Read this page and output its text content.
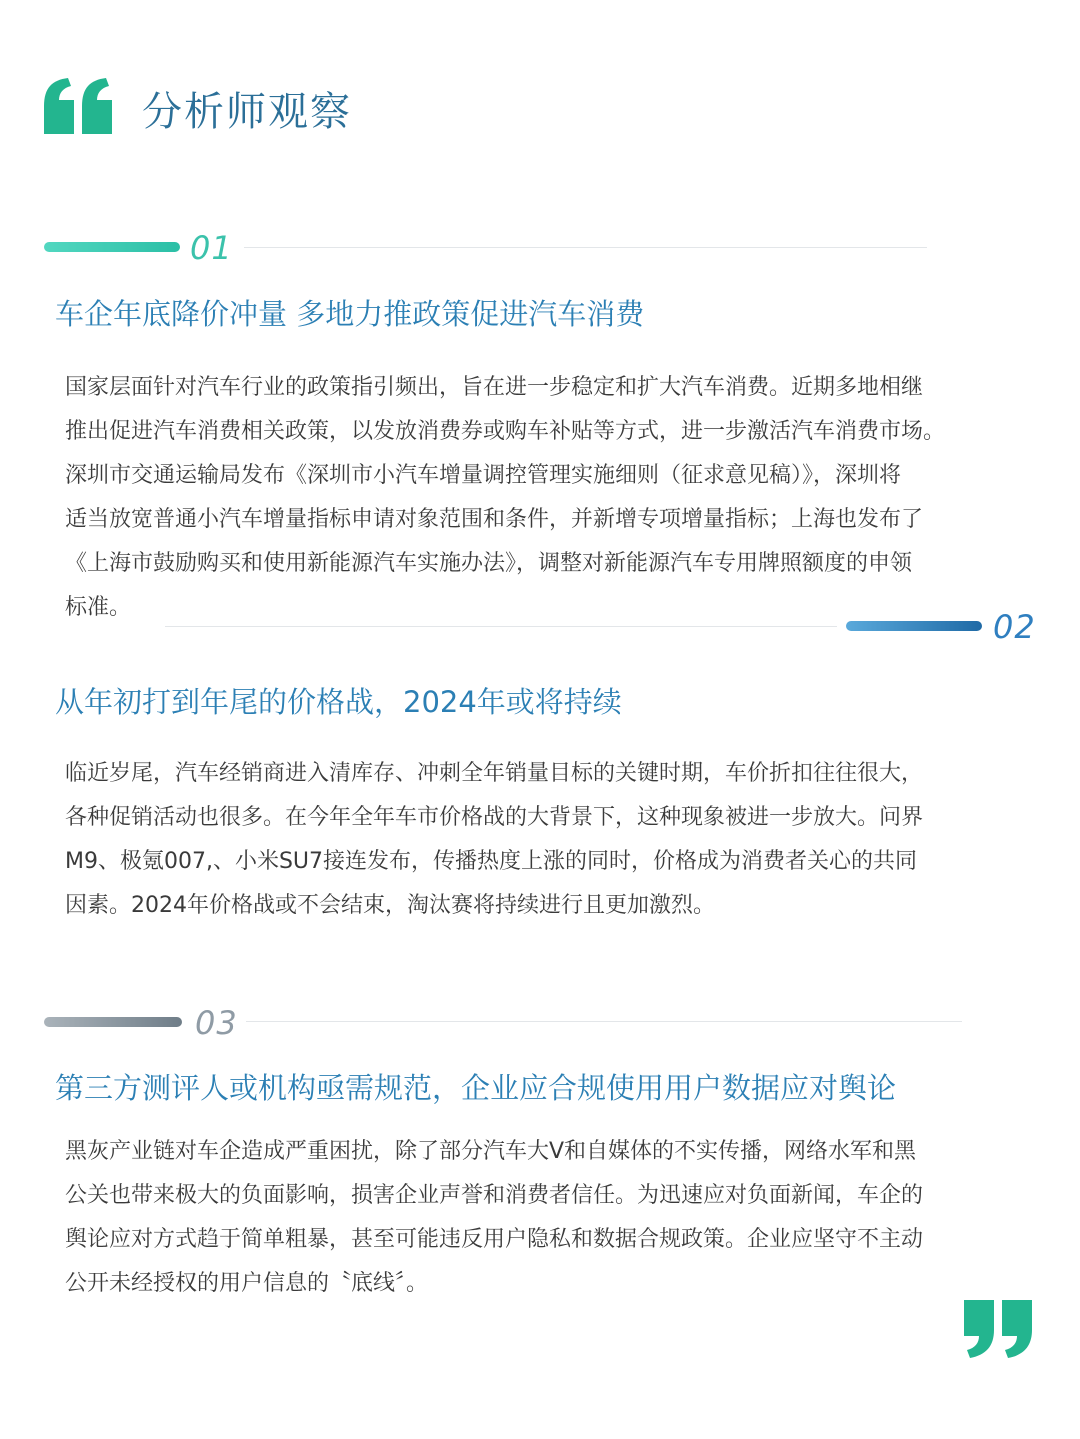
分析师观察
01
车企年底降价冲量 多地力推政策促进汽车消费
国家层面针对汽车行业的政策指引频出，旨在进一步稳定和扩大汽车消费。近期多地相继
推出促进汽车消费相关政策，以发放消费券或购车补贴等方式，进一步激活汽车消费市场。
深圳市交通运输局发布《深圳市小汽车增量调控管理实施细则（征求意见稿）》，深圳将
适当放宽普通小汽车增量指标申请对象范围和条件，并新增专项增量指标；上海也发布了
《上海市鼓励购买和使用新能源汽车实施办法》，调整对新能源汽车专用牌照额度的申领
标准。
02
从年初打到年尾的价格战，2024年或将持续
临近岁尾，汽车经销商进入清库存、冲刺全年销量目标的关键时期，车价折扣往往很大，
各种促销活动也很多。在今年全年车市价格战的大背景下，这种现象被进一步放大。问界
M9、极氪007,、小米SU7接连发布，传播热度上涨的同时，价格成为消费者关心的共同
因素。2024年价格战或不会结束，淘汰赛将持续进行且更加激烈。
03
第三方测评人或机构亟需规范，企业应合规使用用户数据应对舆论
黑灰产业链对车企造成严重困扰，除了部分汽车大V和自媒体的不实传播，网络水军和黑
公关也带来极大的负面影响，损害企业声誉和消费者信任。为迅速应对负面新闻，车企的
舆论应对方式趋于简单粗暴，甚至可能违反用户隐私和数据合规政策。企业应坚守不主动
公开未经授权的用户信息的〝底线〞。
